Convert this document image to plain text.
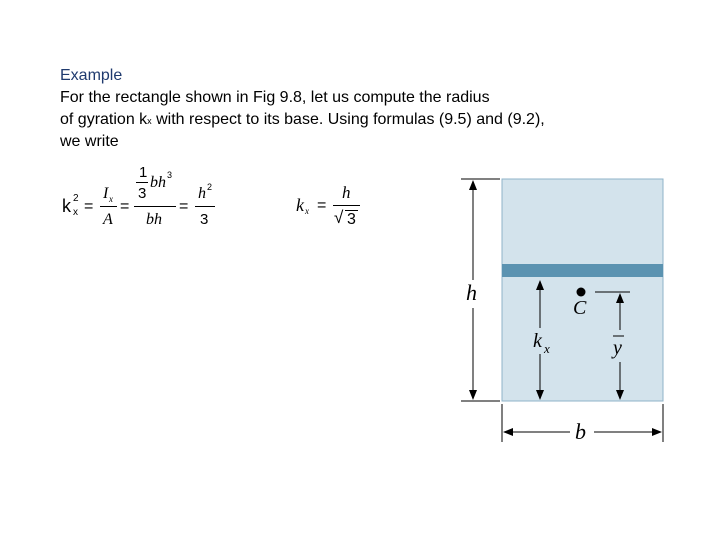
Example
For the rectangle shown in Fig 9.8, let us compute the radius
of gyration kx with respect to its base. Using formulas (9.5) and (9.2),
we write
k 2
x =
I x
A
=
1
3
bh 3
bh
=
h 2
3
k x =
h
√ 3
h
C
k x	y
b
